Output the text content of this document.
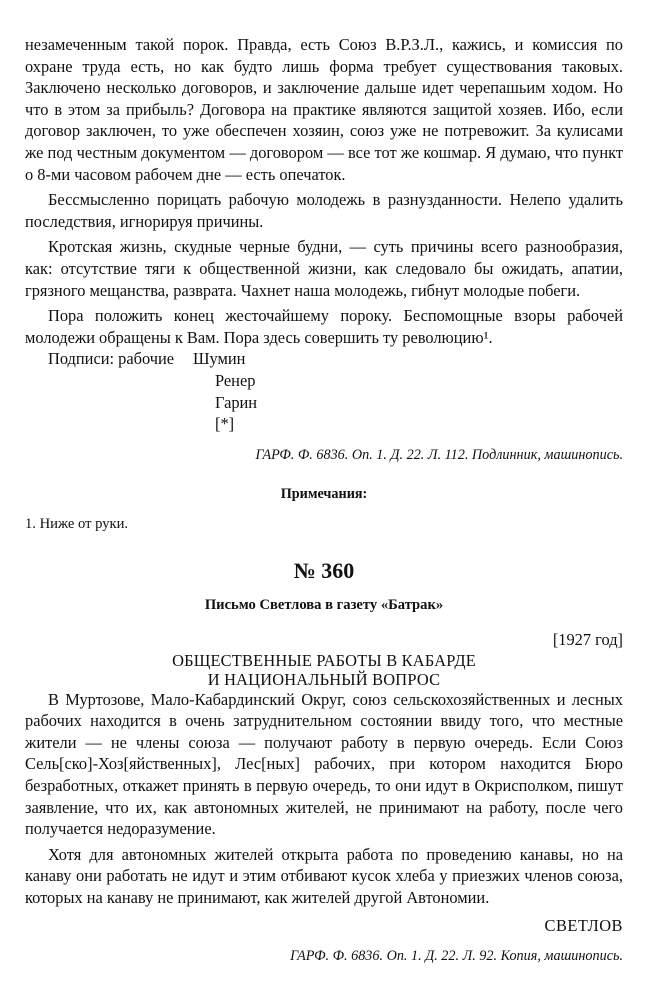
незамеченным такой порок. Правда, есть Союз В.Р.З.Л., кажись, и комиссия по охране труда есть, но как будто лишь форма требует существования таковых. Заключено несколько договоров, и заключение дальше идет черепашьим ходом. Но что в этом за прибыль? Договора на практике являются защитой хозяев. Ибо, если договор заключен, то уже обеспечен хозяин, союз уже не потревожит. За кулисами же под честным документом — договором — все тот же кошмар. Я думаю, что пункт о 8-ми часовом рабочем дне — есть опечаток.

Бессмысленно порицать рабочую молодежь в разнузданности. Нелепо удалить последствия, игнорируя причины.

Кротская жизнь, скудные черные будни, — суть причины всего разнообразия, как: отсутствие тяги к общественной жизни, как следовало бы ожидать, апатии, грязного мещанства, разврата. Чахнет наша молодежь, гибнут молодые побеги.

Пора положить конец жесточайшему пороку. Беспомощные взоры рабочей молодежи обращены к Вам. Пора здесь совершить ту революцию¹.

Подписи: рабочие	Шумин
Ренер
Гарин
[*]

ГАРФ. Ф. 6836. Оп. 1. Д. 22. Л. 112. Подлинник, машинопись.

Примечания:

1. Ниже от руки.

№ 360
Письмо Светлова в газету «Батрак»
[1927 год]
ОБЩЕСТВЕННЫЕ РАБОТЫ В КАБАРДЕ
И НАЦИОНАЛЬНЫЙ ВОПРОС

В Муртозове, Мало-Кабардинский Округ, союз сельскохозяйственных и лесных рабочих находится в очень затруднительном состоянии ввиду того, что местные жители — не члены союза — получают работу в первую очередь. Если Союз Сель[ско]-Хоз[яйственных], Лес[ных] рабочих, при котором находится Бюро безработных, откажет принять в первую очередь, то они идут в Окрисполком, пишут заявление, что их, как автономных жителей, не принимают на работу, после чего получается недоразумение.

Хотя для автономных жителей открыта работа по проведению канавы, но на канаву они работать не идут и этим отбивают кусок хлеба у приезжих членов союза, которых на канаву не принимают, как жителей другой Автономии.

СВЕТЛОВ

ГАРФ. Ф. 6836. Оп. 1. Д. 22. Л. 92. Копия, машинопись.
